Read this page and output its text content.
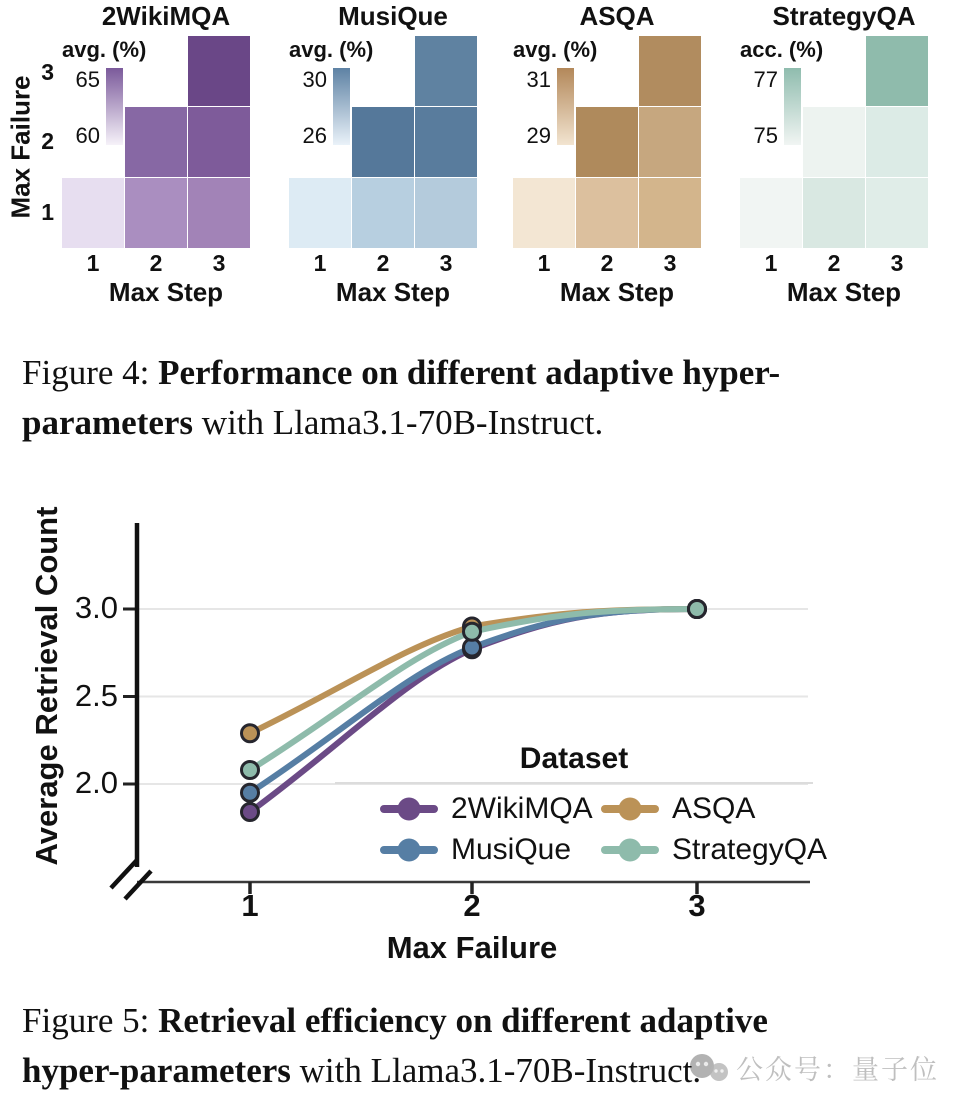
Max Failure
3
2
1
2WikiMQA
avg. (%)
65
60
1	2	3
Max Step
MusiQue
avg. (%)
30
26
1	2	3
Max Step
ASQA
avg. (%)
31
29
1	2	3
Max Step
StrategyQA
acc. (%)
77
75
1	2	3
Max Step
Figure 4: Performance on different adaptive hyper-
parameters with Llama3.1-70B-Instruct.
Average Retrieval Count 3.0
2.5
2.0
1	2	3
Max Failure
Dataset
2WikiMQA	ASQA
MusiQue	StrategyQA
公众号：量子位
Figure 5: Retrieval efficiency on different adaptive
hyper-parameters with Llama3.1-70B-Instruct.
